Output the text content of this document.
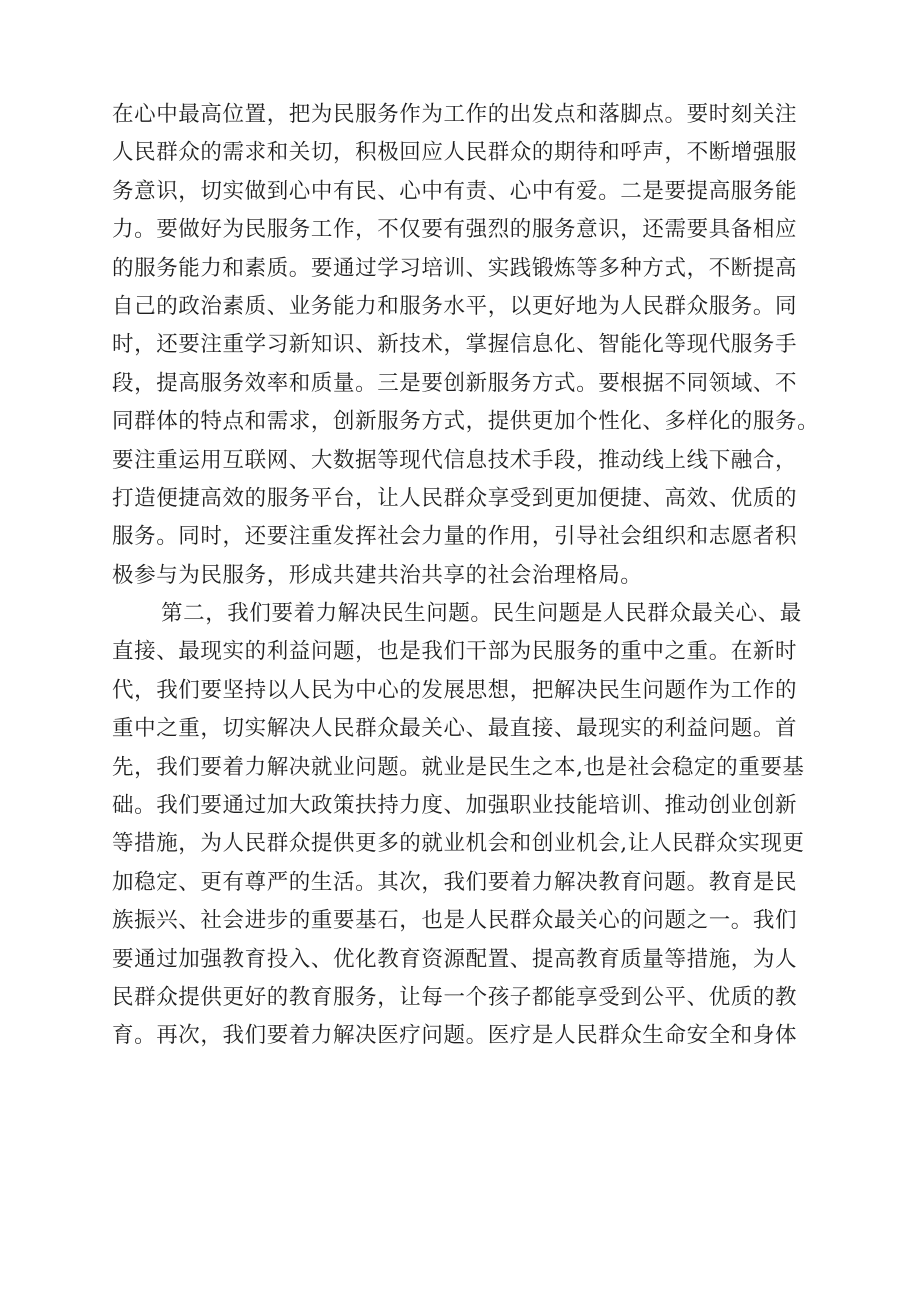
在心中最高位置，把为民服务作为工作的出发点和落脚点。要时刻关注
人民群众的需求和关切，积极回应人民群众的期待和呼声，不断增强服
务意识，切实做到心中有民、心中有责、心中有爱。二是要提高服务能
力。要做好为民服务工作，不仅要有强烈的服务意识，还需要具备相应
的服务能力和素质。要通过学习培训、实践锻炼等多种方式，不断提高
自己的政治素质、业务能力和服务水平，以更好地为人民群众服务。同
时，还要注重学习新知识、新技术，掌握信息化、智能化等现代服务手
段，提高服务效率和质量。三是要创新服务方式。要根据不同领域、不
同群体的特点和需求，创新服务方式，提供更加个性化、多样化的服务。
要注重运用互联网、大数据等现代信息技术手段，推动线上线下融合，
打造便捷高效的服务平台，让人民群众享受到更加便捷、高效、优质的
服务。同时，还要注重发挥社会力量的作用，引导社会组织和志愿者积
极参与为民服务，形成共建共治共享的社会治理格局。
第二，我们要着力解决民生问题。民生问题是人民群众最关心、最
直接、最现实的利益问题，也是我们干部为民服务的重中之重。在新时
代，我们要坚持以人民为中心的发展思想，把解决民生问题作为工作的
重中之重，切实解决人民群众最关心、最直接、最现实的利益问题。首
先，我们要着力解决就业问题。就业是民生之本,也是社会稳定的重要基
础。我们要通过加大政策扶持力度、加强职业技能培训、推动创业创新
等措施，为人民群众提供更多的就业机会和创业机会,让人民群众实现更
加稳定、更有尊严的生活。其次，我们要着力解决教育问题。教育是民
族振兴、社会进步的重要基石，也是人民群众最关心的问题之一。我们
要通过加强教育投入、优化教育资源配置、提高教育质量等措施，为人
民群众提供更好的教育服务，让每一个孩子都能享受到公平、优质的教
育。再次，我们要着力解决医疗问题。医疗是人民群众生命安全和身体
